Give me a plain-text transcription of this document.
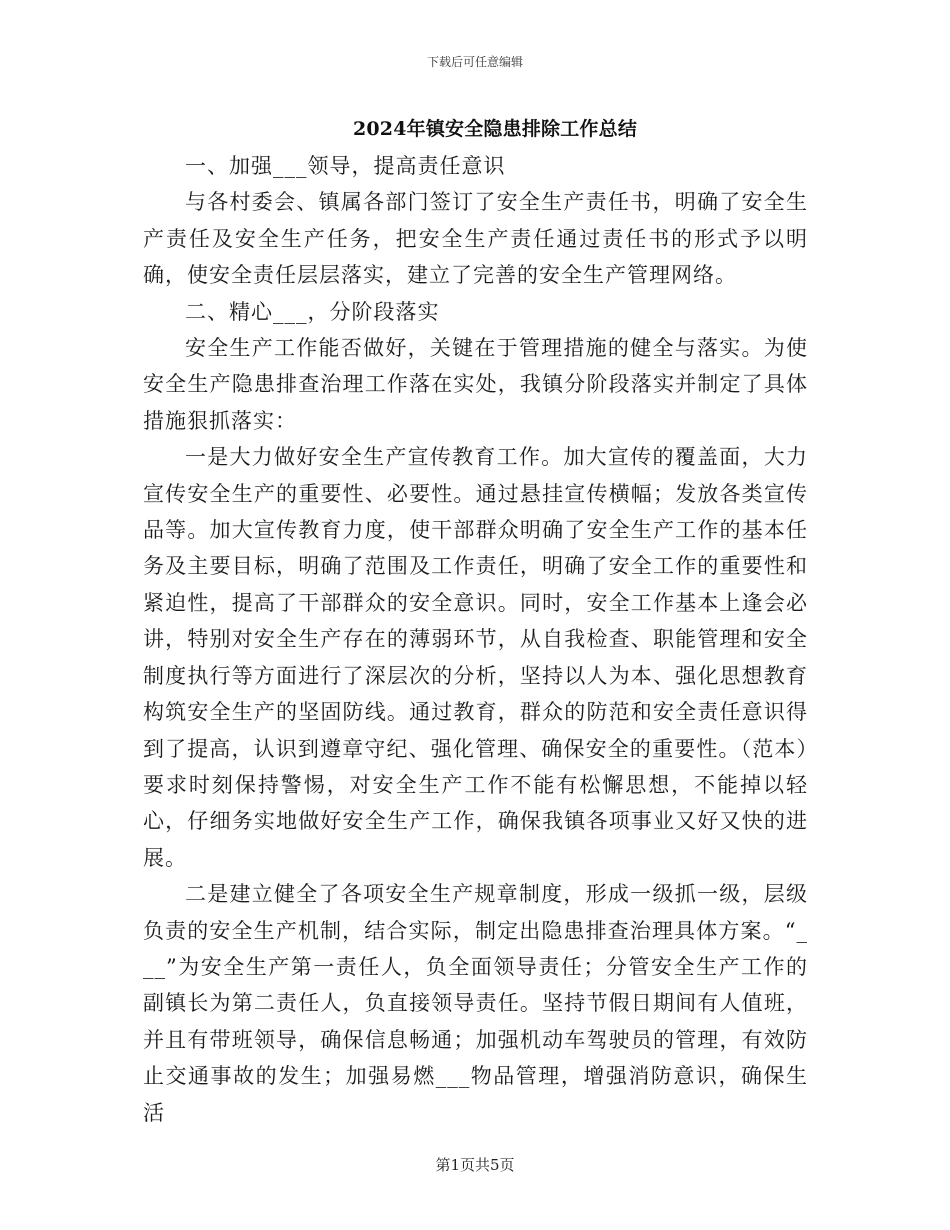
下载后可任意编辑
2024年镇安全隐患排除工作总结

一、加强___领导，提高责任意识

与各村委会、镇属各部门签订了安全生产责任书，明确了安全生产责任及安全生产任务，把安全生产责任通过责任书的形式予以明确，使安全责任层层落实，建立了完善的安全生产管理网络。

二、精心___，分阶段落实

安全生产工作能否做好，关键在于管理措施的健全与落实。为使安全生产隐患排查治理工作落在实处，我镇分阶段落实并制定了具体措施狠抓落实：

一是大力做好安全生产宣传教育工作。加大宣传的覆盖面，大力宣传安全生产的重要性、必要性。通过悬挂宣传横幅；发放各类宣传品等。加大宣传教育力度，使干部群众明确了安全生产工作的基本任务及主要目标，明确了范围及工作责任，明确了安全工作的重要性和紧迫性，提高了干部群众的安全意识。同时，安全工作基本上逢会必讲，特别对安全生产存在的薄弱环节，从自我检查、职能管理和安全制度执行等方面进行了深层次的分析，坚持以人为本、强化思想教育构筑安全生产的坚固防线。通过教育，群众的防范和安全责任意识得到了提高，认识到遵章守纪、强化管理、确保安全的重要性。（范本）要求时刻保持警惕，对安全生产工作不能有松懈思想，不能掉以轻心，仔细务实地做好安全生产工作，确保我镇各项事业又好又快的进展。

二是建立健全了各项安全生产规章制度，形成一级抓一级，层级负责的安全生产机制，结合实际，制定出隐患排查治理具体方案。“___”为安全生产第一责任人，负全面领导责任；分管安全生产工作的副镇长为第二责任人，负直接领导责任。坚持节假日期间有人值班，并且有带班领导，确保信息畅通；加强机动车驾驶员的管理，有效防止交通事故的发生；加强易燃___物品管理，增强消防意识，确保生活

第1页共5页
